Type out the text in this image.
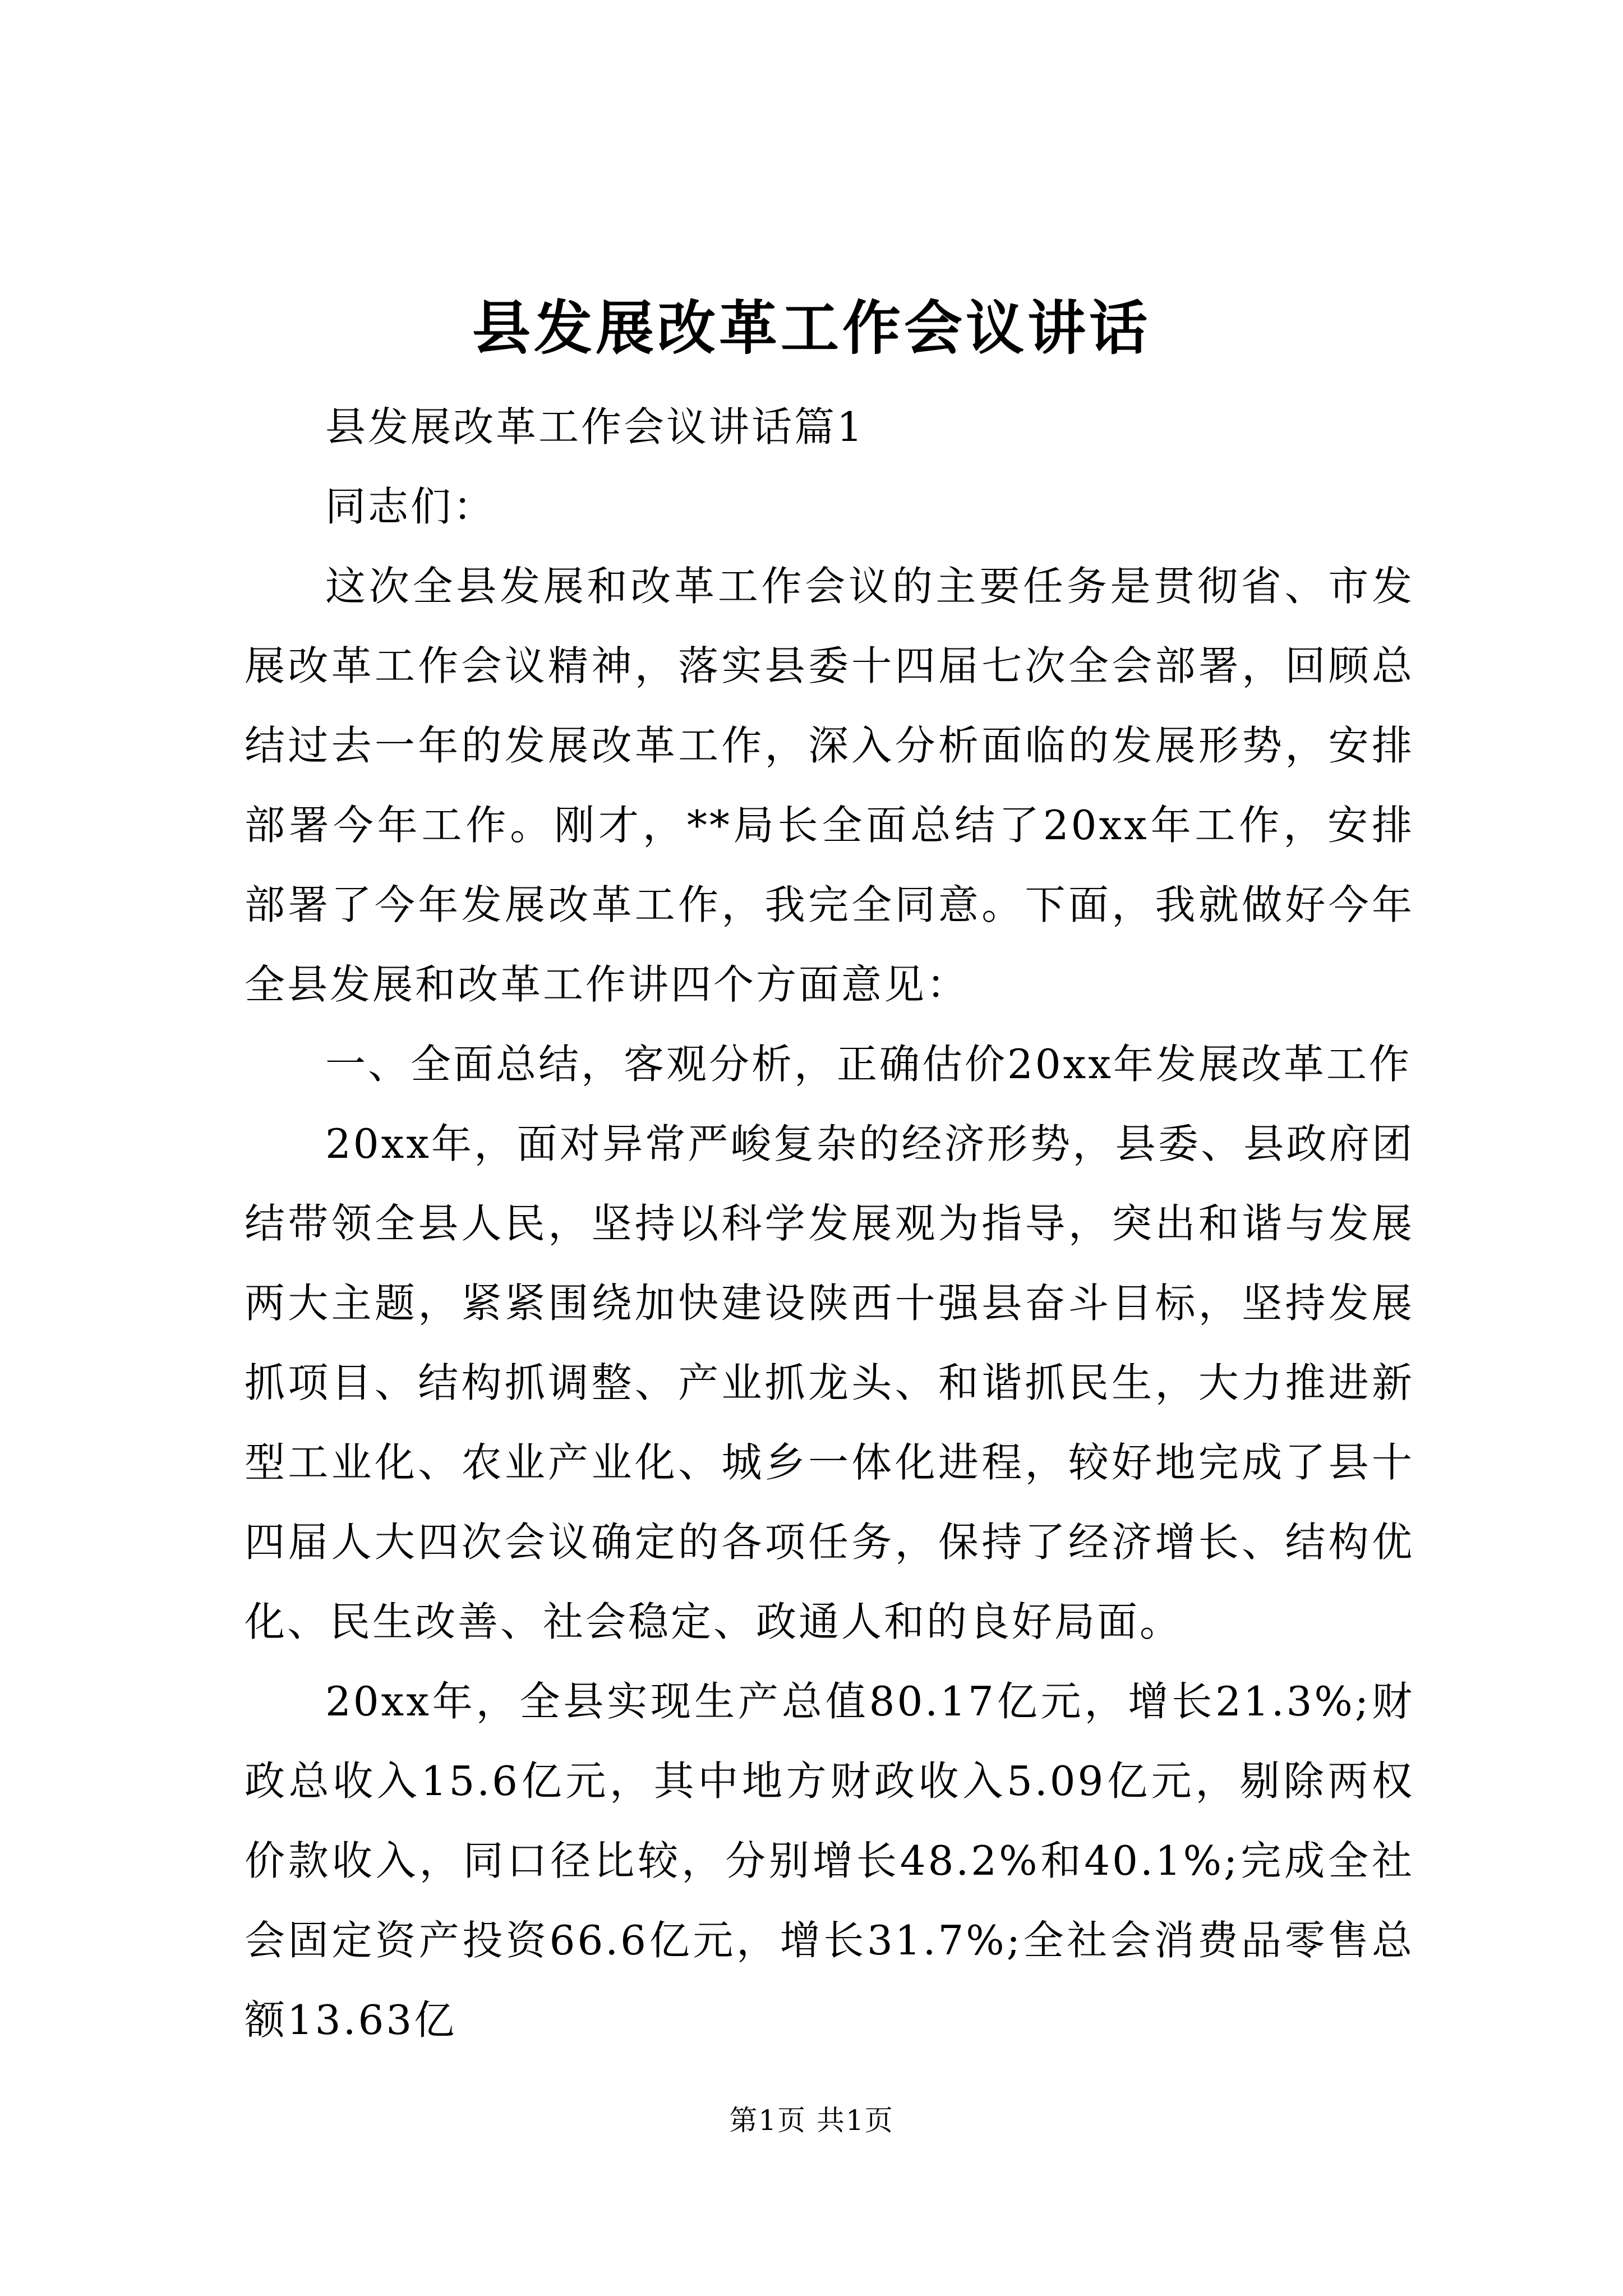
县发展改革工作会议讲话

县发展改革工作会议讲话篇1

同志们：

这次全县发展和改革工作会议的主要任务是贯彻省、市发展改革工作会议精神，落实县委十四届七次全会部署，回顾总结过去一年的发展改革工作，深入分析面临的发展形势，安排部署今年工作。刚才，**局长全面总结了20xx年工作，安排部署了今年发展改革工作，我完全同意。下面，我就做好今年全县发展和改革工作讲四个方面意见：

一、全面总结，客观分析，正确估价20xx年发展改革工作

20xx年，面对异常严峻复杂的经济形势，县委、县政府团结带领全县人民，坚持以科学发展观为指导，突出和谐与发展两大主题，紧紧围绕加快建设陕西十强县奋斗目标，坚持发展抓项目、结构抓调整、产业抓龙头、和谐抓民生，大力推进新型工业化、农业产业化、城乡一体化进程，较好地完成了县十四届人大四次会议确定的各项任务，保持了经济增长、结构优化、民生改善、社会稳定、政通人和的良好局面。

20xx年，全县实现生产总值80.17亿元，增长21.3%;财政总收入15.6亿元，其中地方财政收入5.09亿元，剔除两权价款收入，同口径比较，分别增长48.2%和40.1%;完成全社会固定资产投资66.6亿元，增长31.7%;全社会消费品零售总额13.63亿

第1页 共1页
